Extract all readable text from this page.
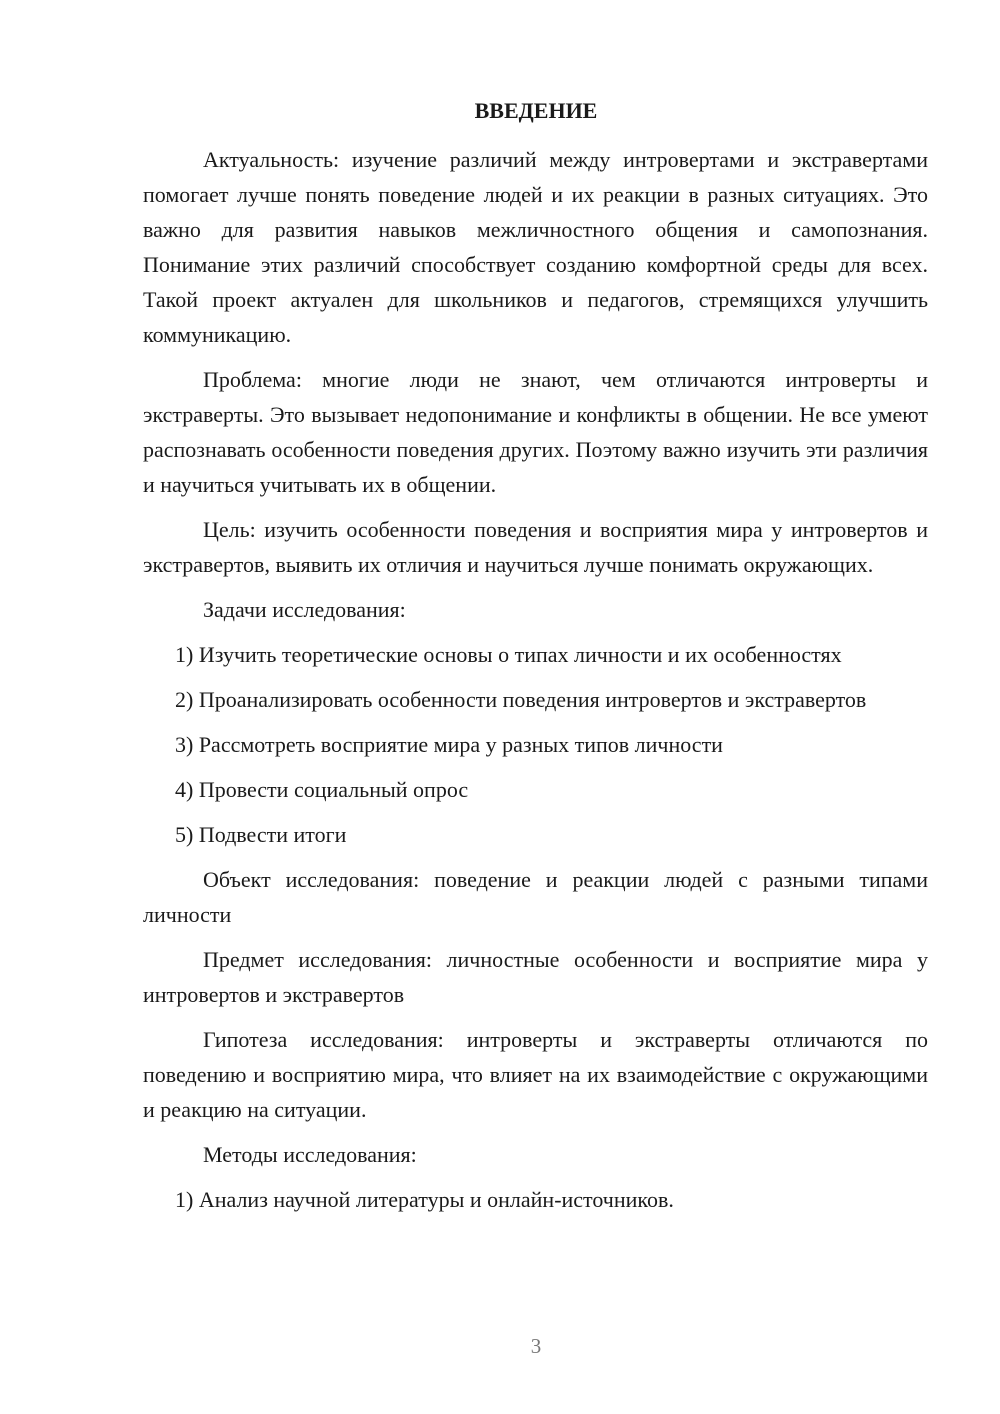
ВВЕДЕНИЕ

Актуальность: изучение различий между интровертами и экстравертами помогает лучше понять поведение людей и их реакции в разных ситуациях. Это важно для развития навыков межличностного общения и самопознания. Понимание этих различий способствует созданию комфортной среды для всех. Такой проект актуален для школьников и педагогов, стремящихся улучшить коммуникацию.

Проблема: многие люди не знают, чем отличаются интроверты и экстраверты. Это вызывает недопонимание и конфликты в общении. Не все умеют распознавать особенности поведения других. Поэтому важно изучить эти различия и научиться учитывать их в общении.

Цель: изучить особенности поведения и восприятия мира у интровертов и экстравертов, выявить их отличия и научиться лучше понимать окружающих.

Задачи исследования:

1) Изучить теоретические основы о типах личности и их особенностях

2) Проанализировать особенности поведения интровертов и экстравертов

3) Рассмотреть восприятие мира у разных типов личности

4) Провести социальный опрос

5) Подвести итоги

Объект исследования: поведение и реакции людей с разными типами личности

Предмет исследования: личностные особенности и восприятие мира у интровертов и экстравертов

Гипотеза исследования: интроверты и экстраверты отличаются по поведению и восприятию мира, что влияет на их взаимодействие с окружающими и реакцию на ситуации.

Методы исследования:

1) Анализ научной литературы и онлайн-источников.

3
